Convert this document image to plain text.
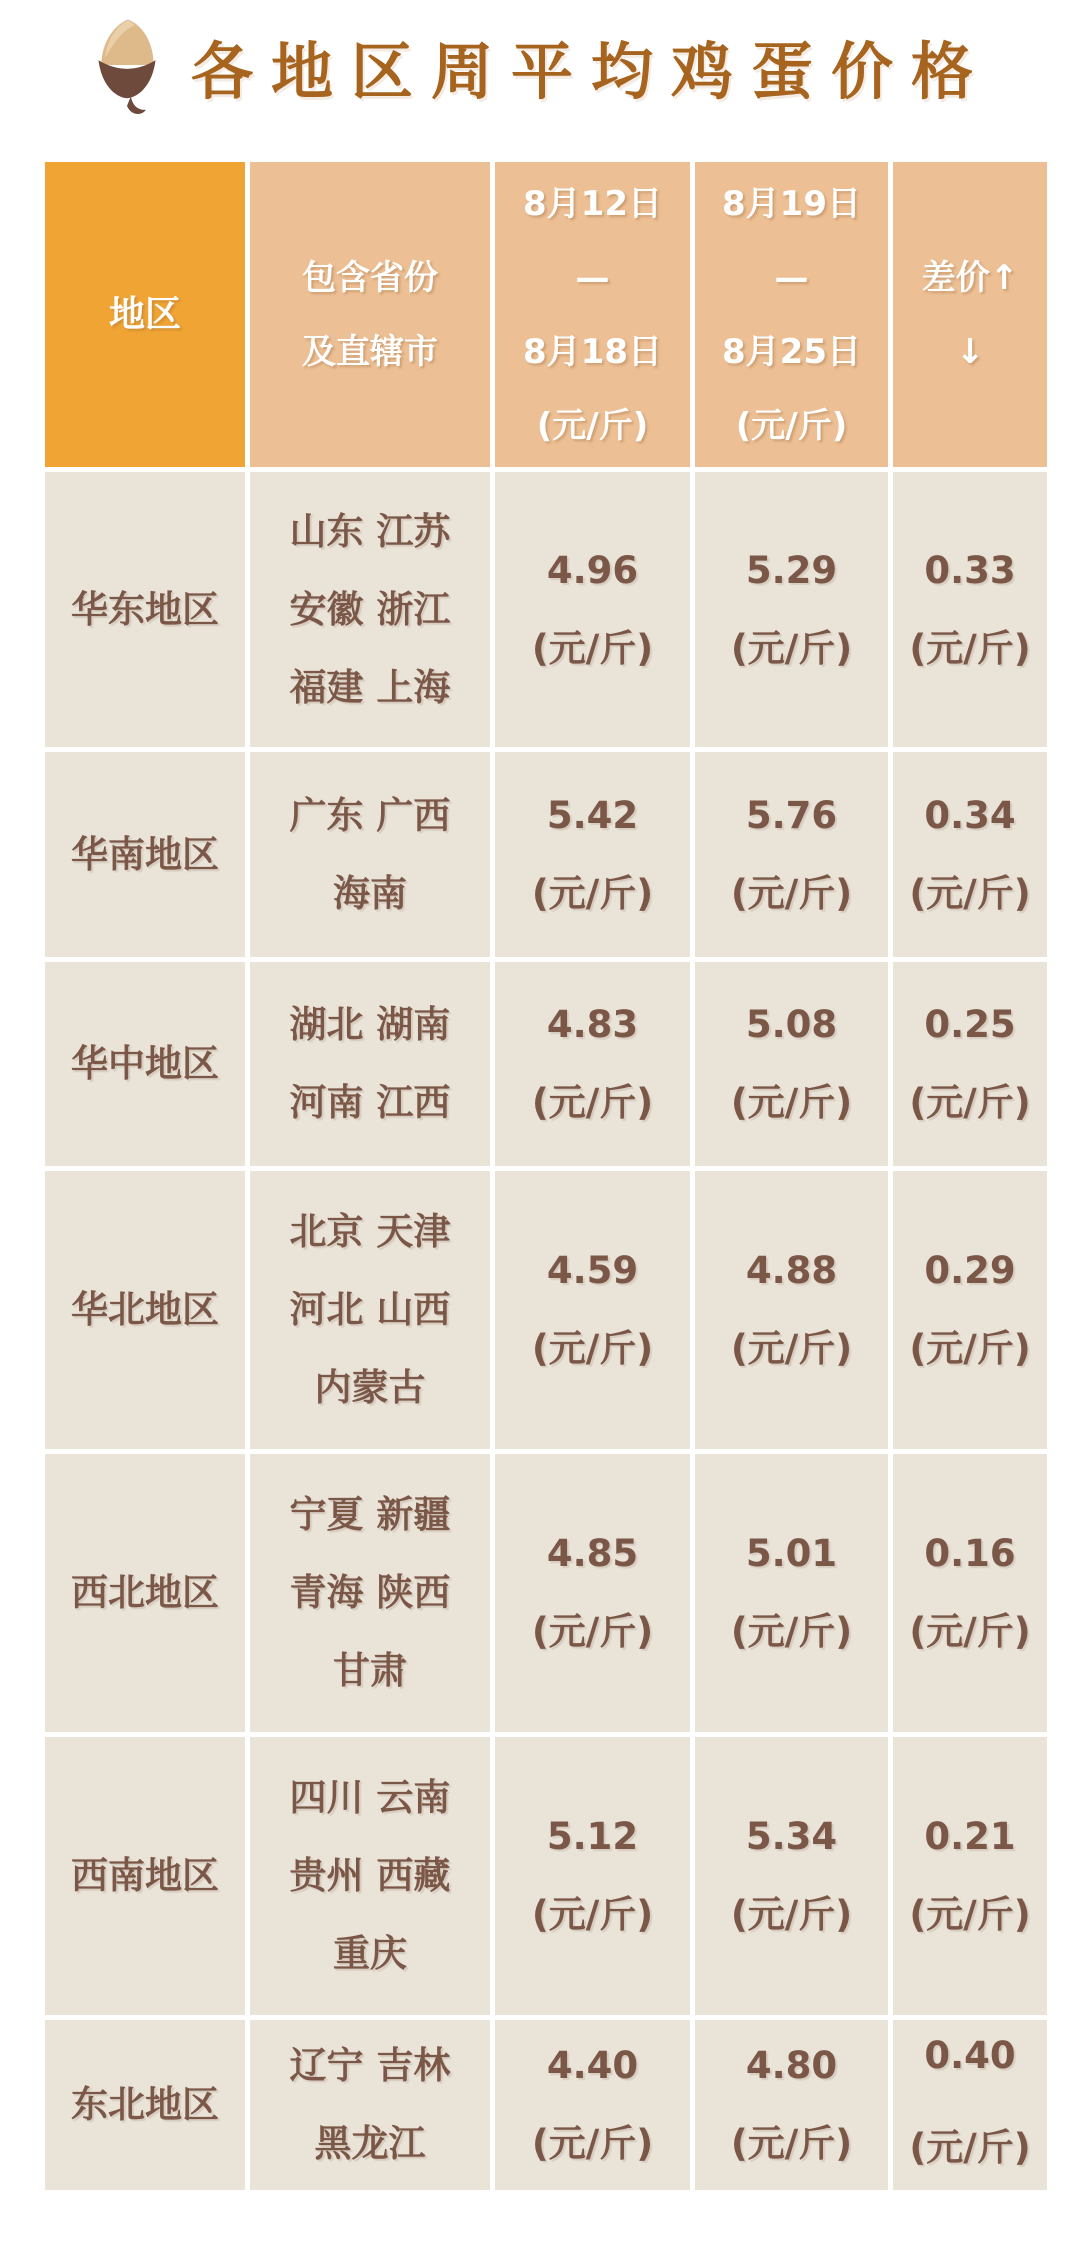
各地区周平均鸡蛋价格
地区
包含省份
及直辖市
8月12日
—
8月18日
(元/斤)
8月19日
—
8月25日
(元/斤)
差价↑
↓
华东地区
山东 江苏
安徽 浙江
福建 上海
4.96
(元/斤)
5.29
(元/斤)
0.33
(元/斤)
华南地区
广东 广西
海南
5.42
(元/斤)
5.76
(元/斤)
0.34
(元/斤)
华中地区
湖北 湖南
河南 江西
4.83
(元/斤)
5.08
(元/斤)
0.25
(元/斤)
华北地区
北京 天津
河北 山西
内蒙古
4.59
(元/斤)
4.88
(元/斤)
0.29
(元/斤)
西北地区
宁夏 新疆
青海 陕西
甘肃
4.85
(元/斤)
5.01
(元/斤)
0.16
(元/斤)
西南地区
四川 云南
贵州 西藏
重庆
5.12
(元/斤)
5.34
(元/斤)
0.21
(元/斤)
东北地区
辽宁 吉林
黑龙江
4.40
(元/斤)
4.80
(元/斤)
0.40
(元/斤)
